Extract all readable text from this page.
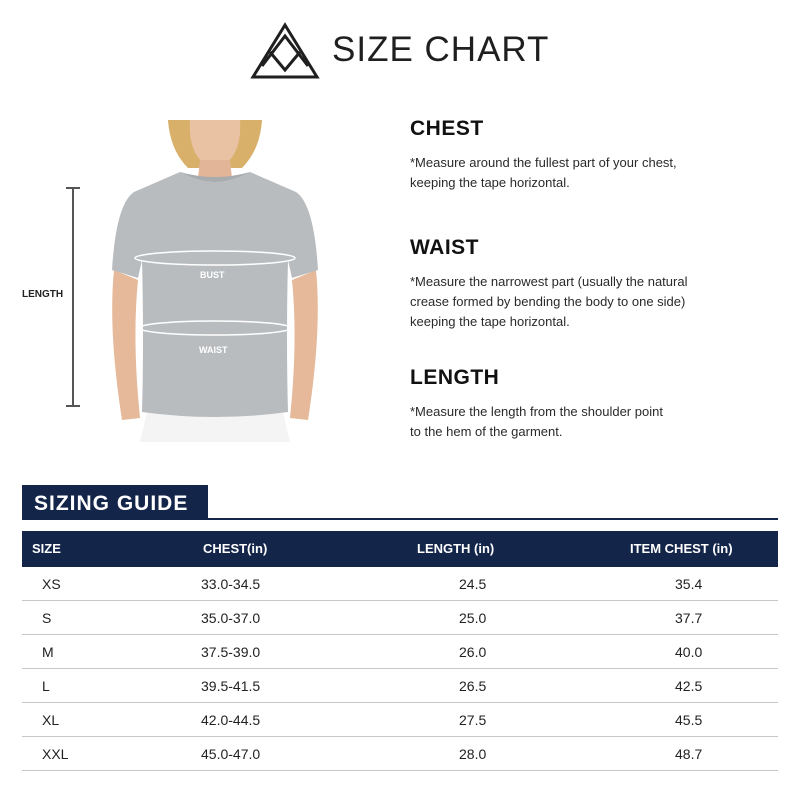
SIZE CHART
LENGTH
BUST
WAIST
CHEST
*Measure around the fullest part of your chest,
keeping the tape horizontal.
WAIST
*Measure the narrowest part (usually the natural
crease formed by bending the body to one side)
keeping the tape horizontal.
LENGTH
*Measure the length from the shoulder point
to the hem of the garment.
SIZING GUIDE
SIZE	CHEST(in)	LENGTH (in)	ITEM CHEST (in)
XS	33.0-34.5	24.5	35.4
S	35.0-37.0	25.0	37.7
M	37.5-39.0	26.0	40.0
L	39.5-41.5	26.5	42.5
XL	42.0-44.5	27.5	45.5
XXL	45.0-47.0	28.0	48.7
